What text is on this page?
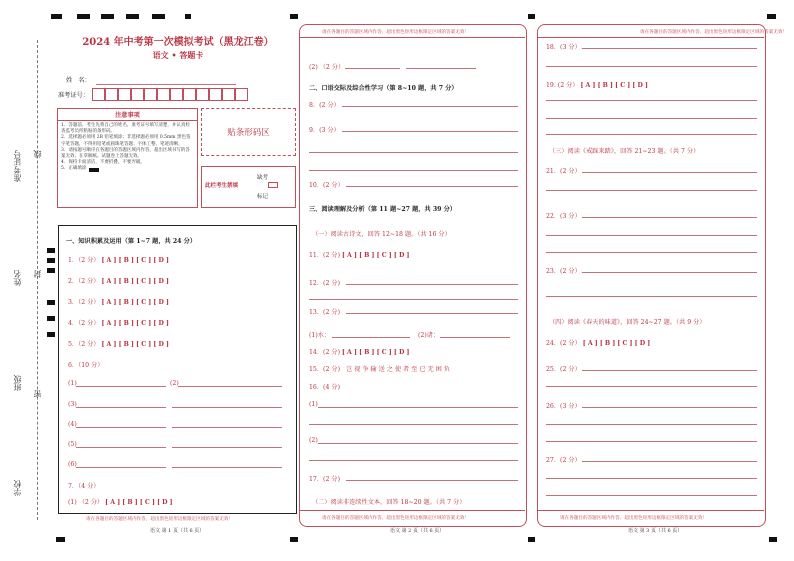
准考证号 线
姓名 封
班级
密
学校
2024 年中考第一次模拟考试（黑龙江卷）
语文 • 答题卡
姓　名：
准考证号：
注意事项
1．答题前，考生先将自己的姓名，准考证号填写清楚，并认真检查监考员所粘贴的条形码。
2．选择题必须用 2B 铅笔填涂；非选择题必须用 0.5mm 黑色签字笔答题，不得用铅笔或圆珠笔答题；字体工整、笔迹清晰。
3．请按题号顺序在各题目的答题区域内作答，超出区域书写的答案无效；在草稿纸、试题卷上答题无效。
4．保持卡面清洁，不要折叠、不要弄破。
5．正确填涂
贴条形码区
此栏考生禁填
缺考
标记
一、知识积累及运用（第 1~7 题，共 24 分）
1．（2 分） [ A ] [ B ] [ C ] [ D ]
2．（2 分） [ A ] [ B ] [ C ] [ D ]
3．（2 分） [ A ] [ B ] [ C ] [ D ]
4．（2 分） [ A ] [ B ] [ C ] [ D ]
5．（2 分） [ A ] [ B ] [ C ] [ D ]
6．（10 分）
(1)	(2)
(3)
(4)
(5)
(6)
7．（4 分）
(1) （2 分） [ A ] [ B ] [ C ] [ D ]
请在各题目的答题区域内作答，超出黑色矩形边框限定区域的答案无效！
语文 第 1 页（共 6 页）
请在各题目的答题区域内作答，超出黑色矩形边框限定区域的答案无效！
(2) （2 分）
二、口语交际及综合性学习（第 8~10 题，共 7 分）
8．(2 分）
9．(3 分）
10．(2 分）
三、阅读理解及分析（第 11 题~27 题，共 39 分）
（一）阅读古诗文，回答 12~18 题。（共 16 分）
11．(2 分) [ A ] [ B ] [ C ] [ D ]
12．(2 分)
13．(2 分)
(1)水：	(2)诸：
14．(2 分) [ A ] [ B ] [ C ] [ D ]
15．(2 分) 岂 视 争 输 送 之 使 者 至 已 无 困 负
16．(4 分)
(1)
(2)
17．(2 分)
（二）阅读非连续性文本，回答 18~20 题。（共 7 分）
请在各题目的答题区域内作答，超出黑色矩形边框限定区域的答案无效！
语文 第 2 页（共 6 页）
请在各题目的答题区域内作答，超出黑色矩形边框限定区域的答案无效！
18．(3 分）
19. (2 分） [ A ] [ B ] [ C ] [ D ]
（三）阅读《戒踩来踏》，回答 21~23 题。（共 7 分）
21．(2 分）
22．(3 分）
23．(2 分）
（四）阅读《春天的味道》，回答 24~27 题。（共 9 分）
24．(2 分） [ A ] [ B ] [ C ] [ D ]
25．(2 分）
26．(3 分）
27．(2 分）
请在各题目的答题区域内作答，超出黑色矩形边框限定区域的答案无效！
语文 第 3 页（共 6 页）
